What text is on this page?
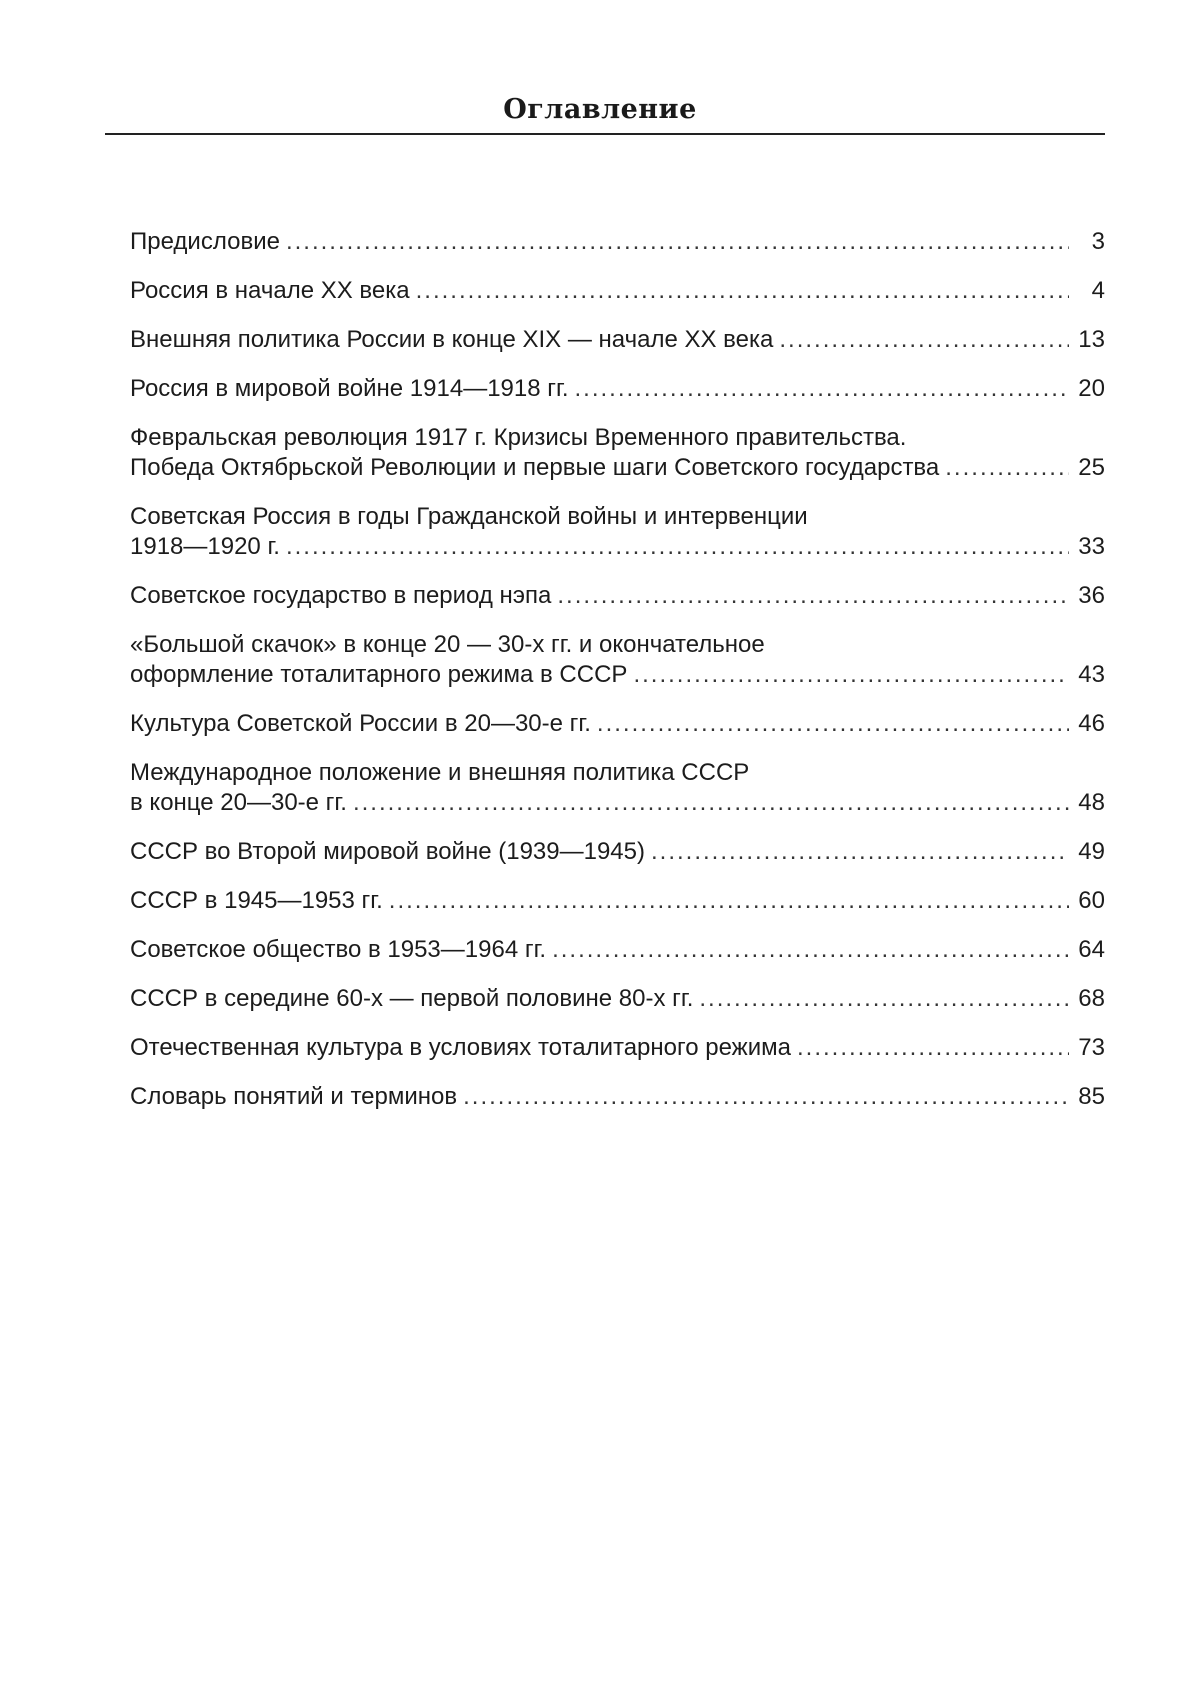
Оглавление
Предисловие .....	3
Россия в начале XX века .....	4
Внешняя политика России в конце XIX — начале XX века .....	13
Россия в мировой войне 1914—1918 гг. .....	20
Февральская революция 1917 г. Кризисы Временного правительства.
Победа Октябрьской Революции и первые шаги Советского государства .....	25
Советская Россия в годы Гражданской войны и интервенции
1918—1920 г. .....	33
Советское государство в период нэпа .....	36
«Большой скачок» в конце 20 — 30-х гг. и окончательное
оформление тоталитарного режима в СССР .....	43
Культура Советской России в 20—30-е гг. .....	46
Международное положение и внешняя политика СССР
в конце 20—30-е гг. .....	48
СССР во Второй мировой войне (1939—1945) .....	49
СССР в 1945—1953 гг. .....	60
Советское общество в 1953—1964 гг. .....	64
СССР в середине 60-х — первой половине 80-х гг. .....	68
Отечественная культура в условиях тоталитарного режима .....	73
Словарь понятий и терминов .....	85
